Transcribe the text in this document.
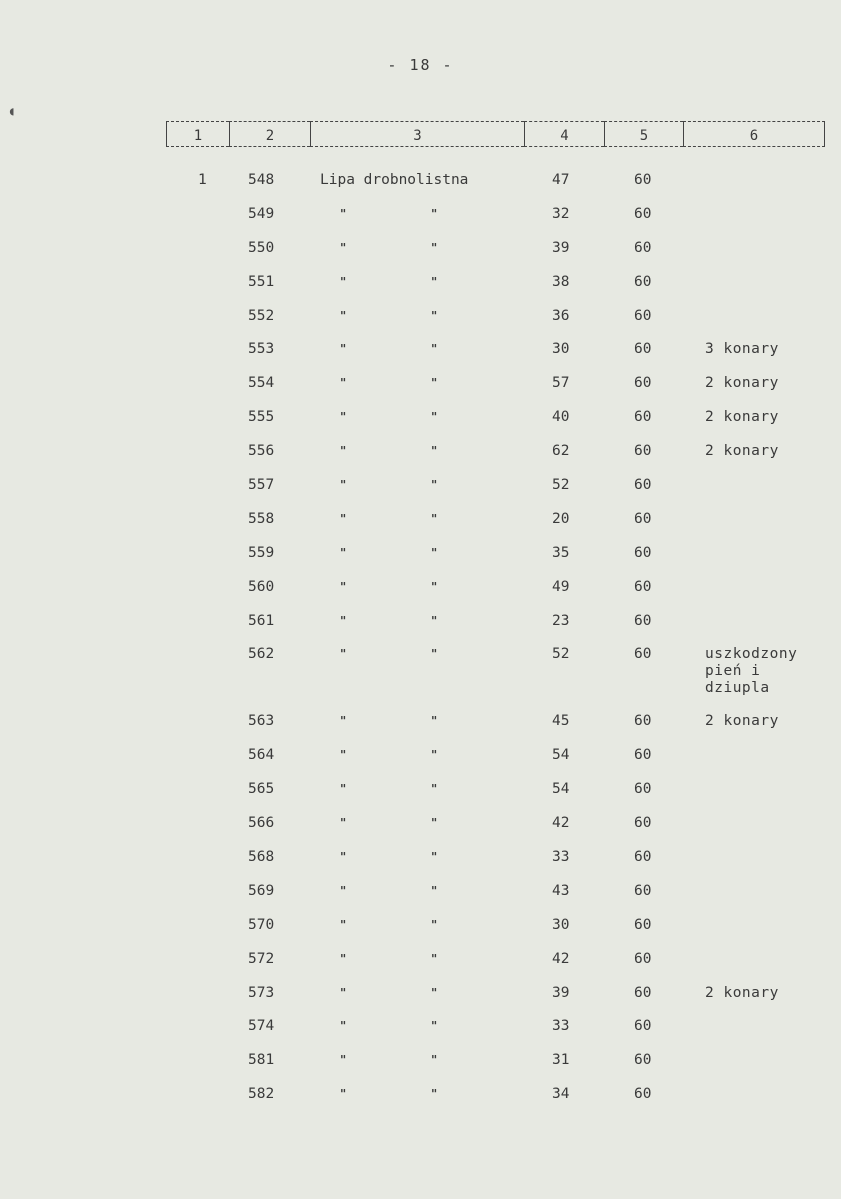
- 18 -
1	2	3	4	5	6
1	548	Lipa drobnolistna	47	60
549	"	"	32	60
550	"	"	39	60
551	"	"	38	60
552	"	"	36	60
553	"	"	30	60	3 konary
554	"	"	57	60	2 konary
555	"	"	40	60	2 konary
556	"	"	62	60	2 konary
557	"	"	52	60
558	"	"	20	60
559	"	"	35	60
560	"	"	49	60
561	"	"	23	60
562	"	"	52	60	uszkodzony
pień i
dziupla
563	"	"	45	60	2 konary
564	"	"	54	60
565	"	"	54	60
566	"	"	42	60
568	"	"	33	60
569	"	"	43	60
570	"	"	30	60
572	"	"	42	60
573	"	"	39	60	2 konary
574	"	"	33	60
581	"	"	31	60
582	"	"	34	60
◖
